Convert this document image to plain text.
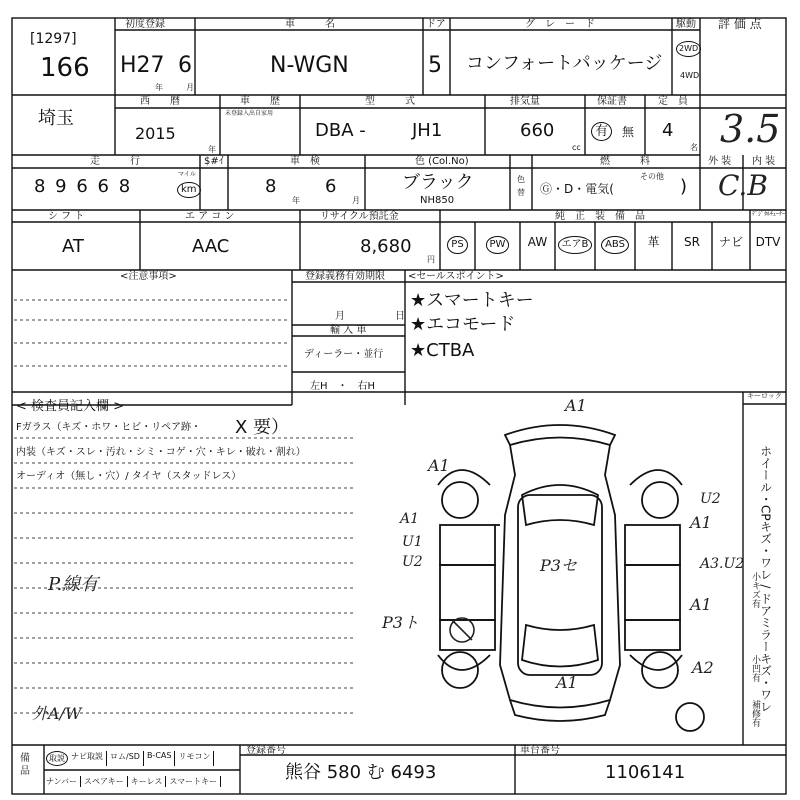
[1297]
166
初度登録
H27 6
年	月
車　　　名
N-WGN
ドア
5
グ　レ　ー　ド
コンフォートパッケージ
駆動
2WD
4WD
評 価 点
3.5
埼玉
西　　暦
2015
年
車　　歴
未登録入出自家用
型　　　式
DBA -	JH1
排気量
660
cc
保証書
有	無
定　員
4
名
走　　　行
8 9 6 6 8
マイル
km
$#ｲ	車　検
8
年
6
月
色 (Col.No)
ブラック
NH850
色
替
燃　　　料
Ⓖ・D・電気(
その他 )
外 装 内 装
C.B
シ フ ト
AT
エ ア コ ン
AAC
リサイクル預託金
8,680
円
純　正　装　備　品	ﾃﾞｼﾞﾀﾙﾁｭｰﾅｰ
PS	PW	AW	エアB	ABS	革	SR	ナビ	DTV
<注意事項>	登録義務有効期限 <セールスポイント>
月	日
輸 入 車
ディーラー・並行
左H　・　右H
★スマートキー
★エコモード
★CTBA
< 検査員記入欄 >
Fガラス（キズ・ホワ・ヒビ・リペア跡・ X 要）
内装（キズ・スレ・汚れ・シミ・コゲ・穴・キレ・破れ・割れ）
オーディオ（無し・穴）/ タイヤ（スタッドレス）
P.線有
外A/W
キーロック
ホイール・CPキズ・ワレ / ドアミラーキズ・ワレ
小キズ有
小凹有
補修有
A1
A1
A1
U1
U2	P3セ
P3ト
U2
A1
A3.U2
A1
A2
A1
備
品
取説 ナビ取説 ロム/SD B-CAS リモコン
ナンバー スペアキー キーレス スマートキー
登録番号
熊谷 580 む 6493
車台番号
1106141
